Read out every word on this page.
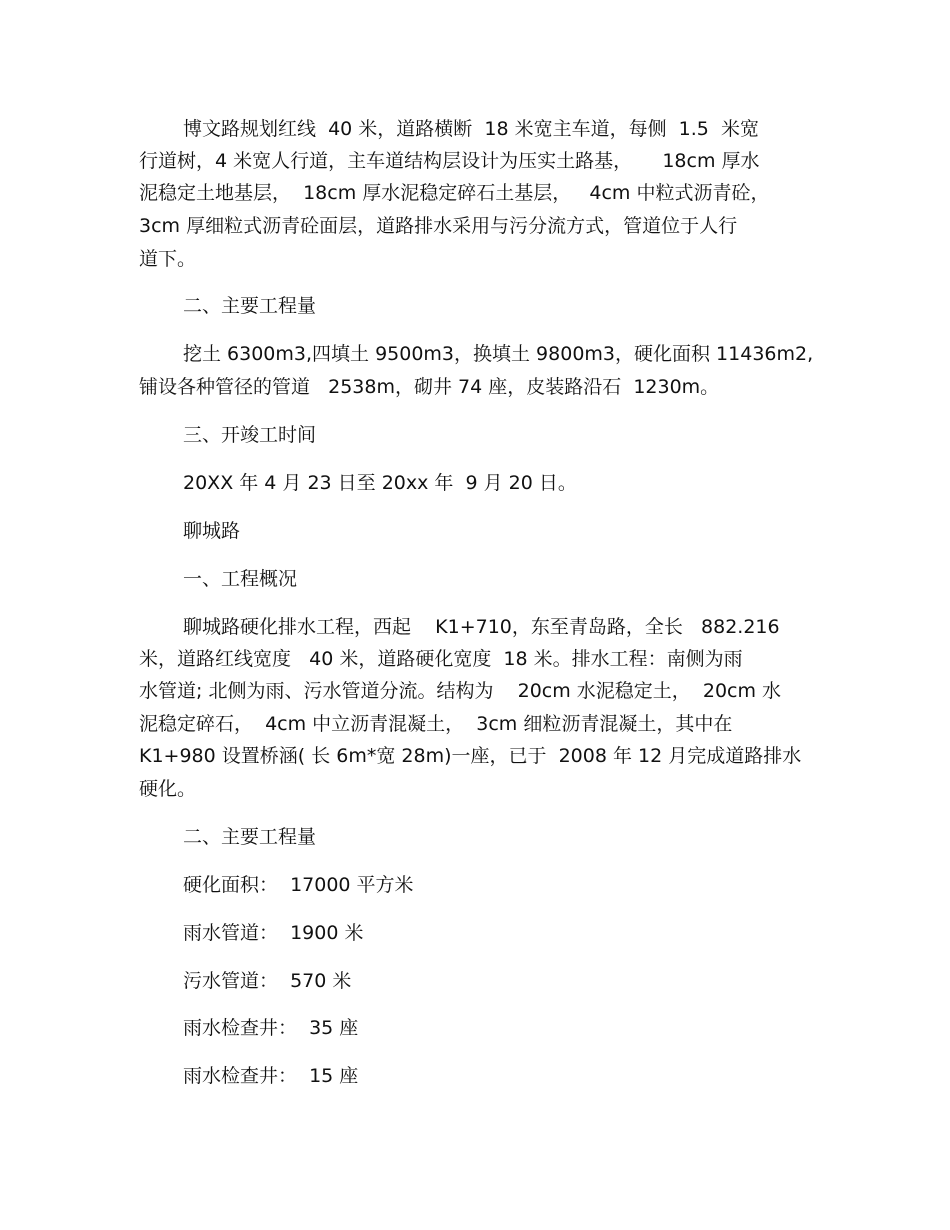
博文路规划红线  40 米，道路横断  18 米宽主车道，每侧  1.5  米宽
行道树，4 米宽人行道，主车道结构层设计为压实土路基，     18cm 厚水
泥稳定土地基层，  18cm 厚水泥稳定碎石土基层，   4cm 中粒式沥青砼，
3cm 厚细粒式沥青砼面层，道路排水采用与污分流方式，管道位于人行
道下。
二、主要工程量
挖土 6300m3,四填土 9500m3，换填土 9800m3，硬化面积 11436m2,
铺设各种管径的管道   2538m，砌井 74 座，皮装路沿石  1230m。
三、开竣工时间
20XX 年 4 月 23 日至 20xx 年  9 月 20 日。
聊城路
一、工程概况
聊城路硬化排水工程，西起    K1+710，东至青岛路，全长   882.216
米，道路红线宽度   40 米，道路硬化宽度  18 米。排水工程：南侧为雨
水管道; 北侧为雨、污水管道分流。结构为    20cm 水泥稳定土，  20cm 水
泥稳定碎石，  4cm 中立沥青混凝土，  3cm 细粒沥青混凝土，其中在
K1+980 设置桥涵( 长 6m*宽 28m)一座，已于  2008 年 12 月完成道路排水
硬化。
二、主要工程量
硬化面积：  17000 平方米
雨水管道：  1900 米
污水管道：  570 米
雨水检查井：  35 座
雨水检查井：  15 座
